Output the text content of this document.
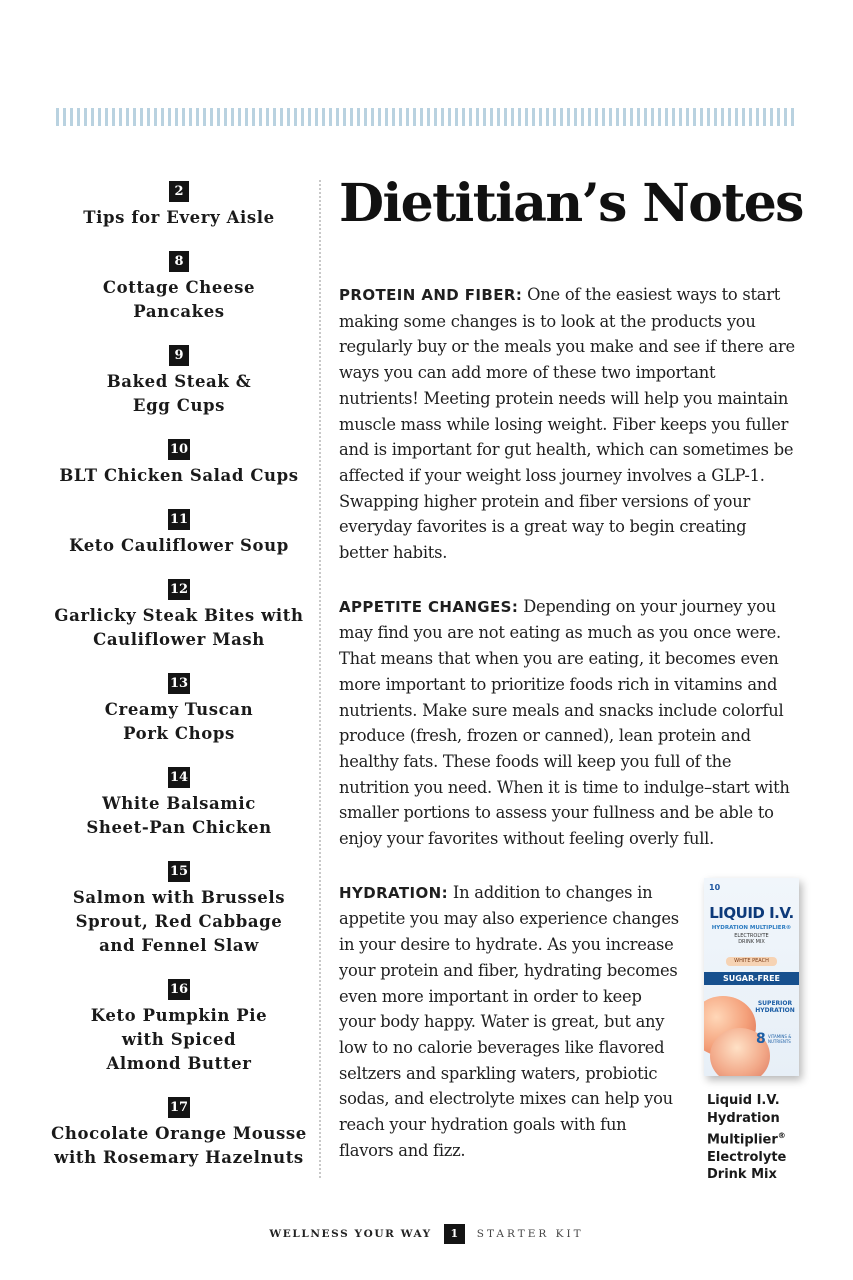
2
Tips for Every Aisle
8
Cottage Cheese
Pancakes
9
Baked Steak &
Egg Cups
10
BLT Chicken Salad Cups
11
Keto Cauliflower Soup
12
Garlicky Steak Bites with
Cauliflower Mash
13
Creamy Tuscan
Pork Chops
14
White Balsamic
Sheet-Pan Chicken
15
Salmon with Brussels
Sprout, Red Cabbage
and Fennel Slaw
16
Keto Pumpkin Pie
with Spiced
Almond Butter
17
Chocolate Orange Mousse
with Rosemary Hazelnuts
Dietitian’s Notes

PROTEIN AND FIBER: One of the easiest ways to start making some changes is to look at the products you regularly buy or the meals you make and see if there are ways you can add more of these two important nutrients! Meeting protein needs will help you maintain muscle mass while losing weight. Fiber keeps you fuller and is important for gut health, which can sometimes be affected if your weight loss journey involves a GLP-1. Swapping higher protein and fiber versions of your everyday favorites is a great way to begin creating better habits.

APPETITE CHANGES: Depending on your journey you may find you are not eating as much as you once were. That means that when you are eating, it becomes even more important to prioritize foods rich in vitamins and nutrients. Make sure meals and snacks include colorful produce (fresh, frozen or canned), lean protein and healthy fats. These foods will keep you full of the nutrition you need. When it is time to indulge–start with smaller portions to assess your fullness and be able to enjoy your favorites without feeling overly full.

HYDRATION: In addition to changes in appetite you may also experience changes in your desire to hydrate. As you increase your protein and fiber, hydrating becomes even more important in order to keep your body happy. Water is great, but any low to no calorie beverages like flavored seltzers and sparkling waters, probiotic sodas, and electrolyte mixes can help you reach your hydration goals with fun flavors and fizz.

10
LIQUID I.V.
HYDRATION MULTIPLIER®
ELECTROLYTE
DRINK MIX
WHITE PEACH
SUGAR-FREE
SUPERIOR
HYDRATION
8 VITAMINS & NUTRIENTS
Liquid I.V.
Hydration
Multiplier®
Electrolyte
Drink Mix
WELLNESS YOUR WAY	1	STARTER KIT
